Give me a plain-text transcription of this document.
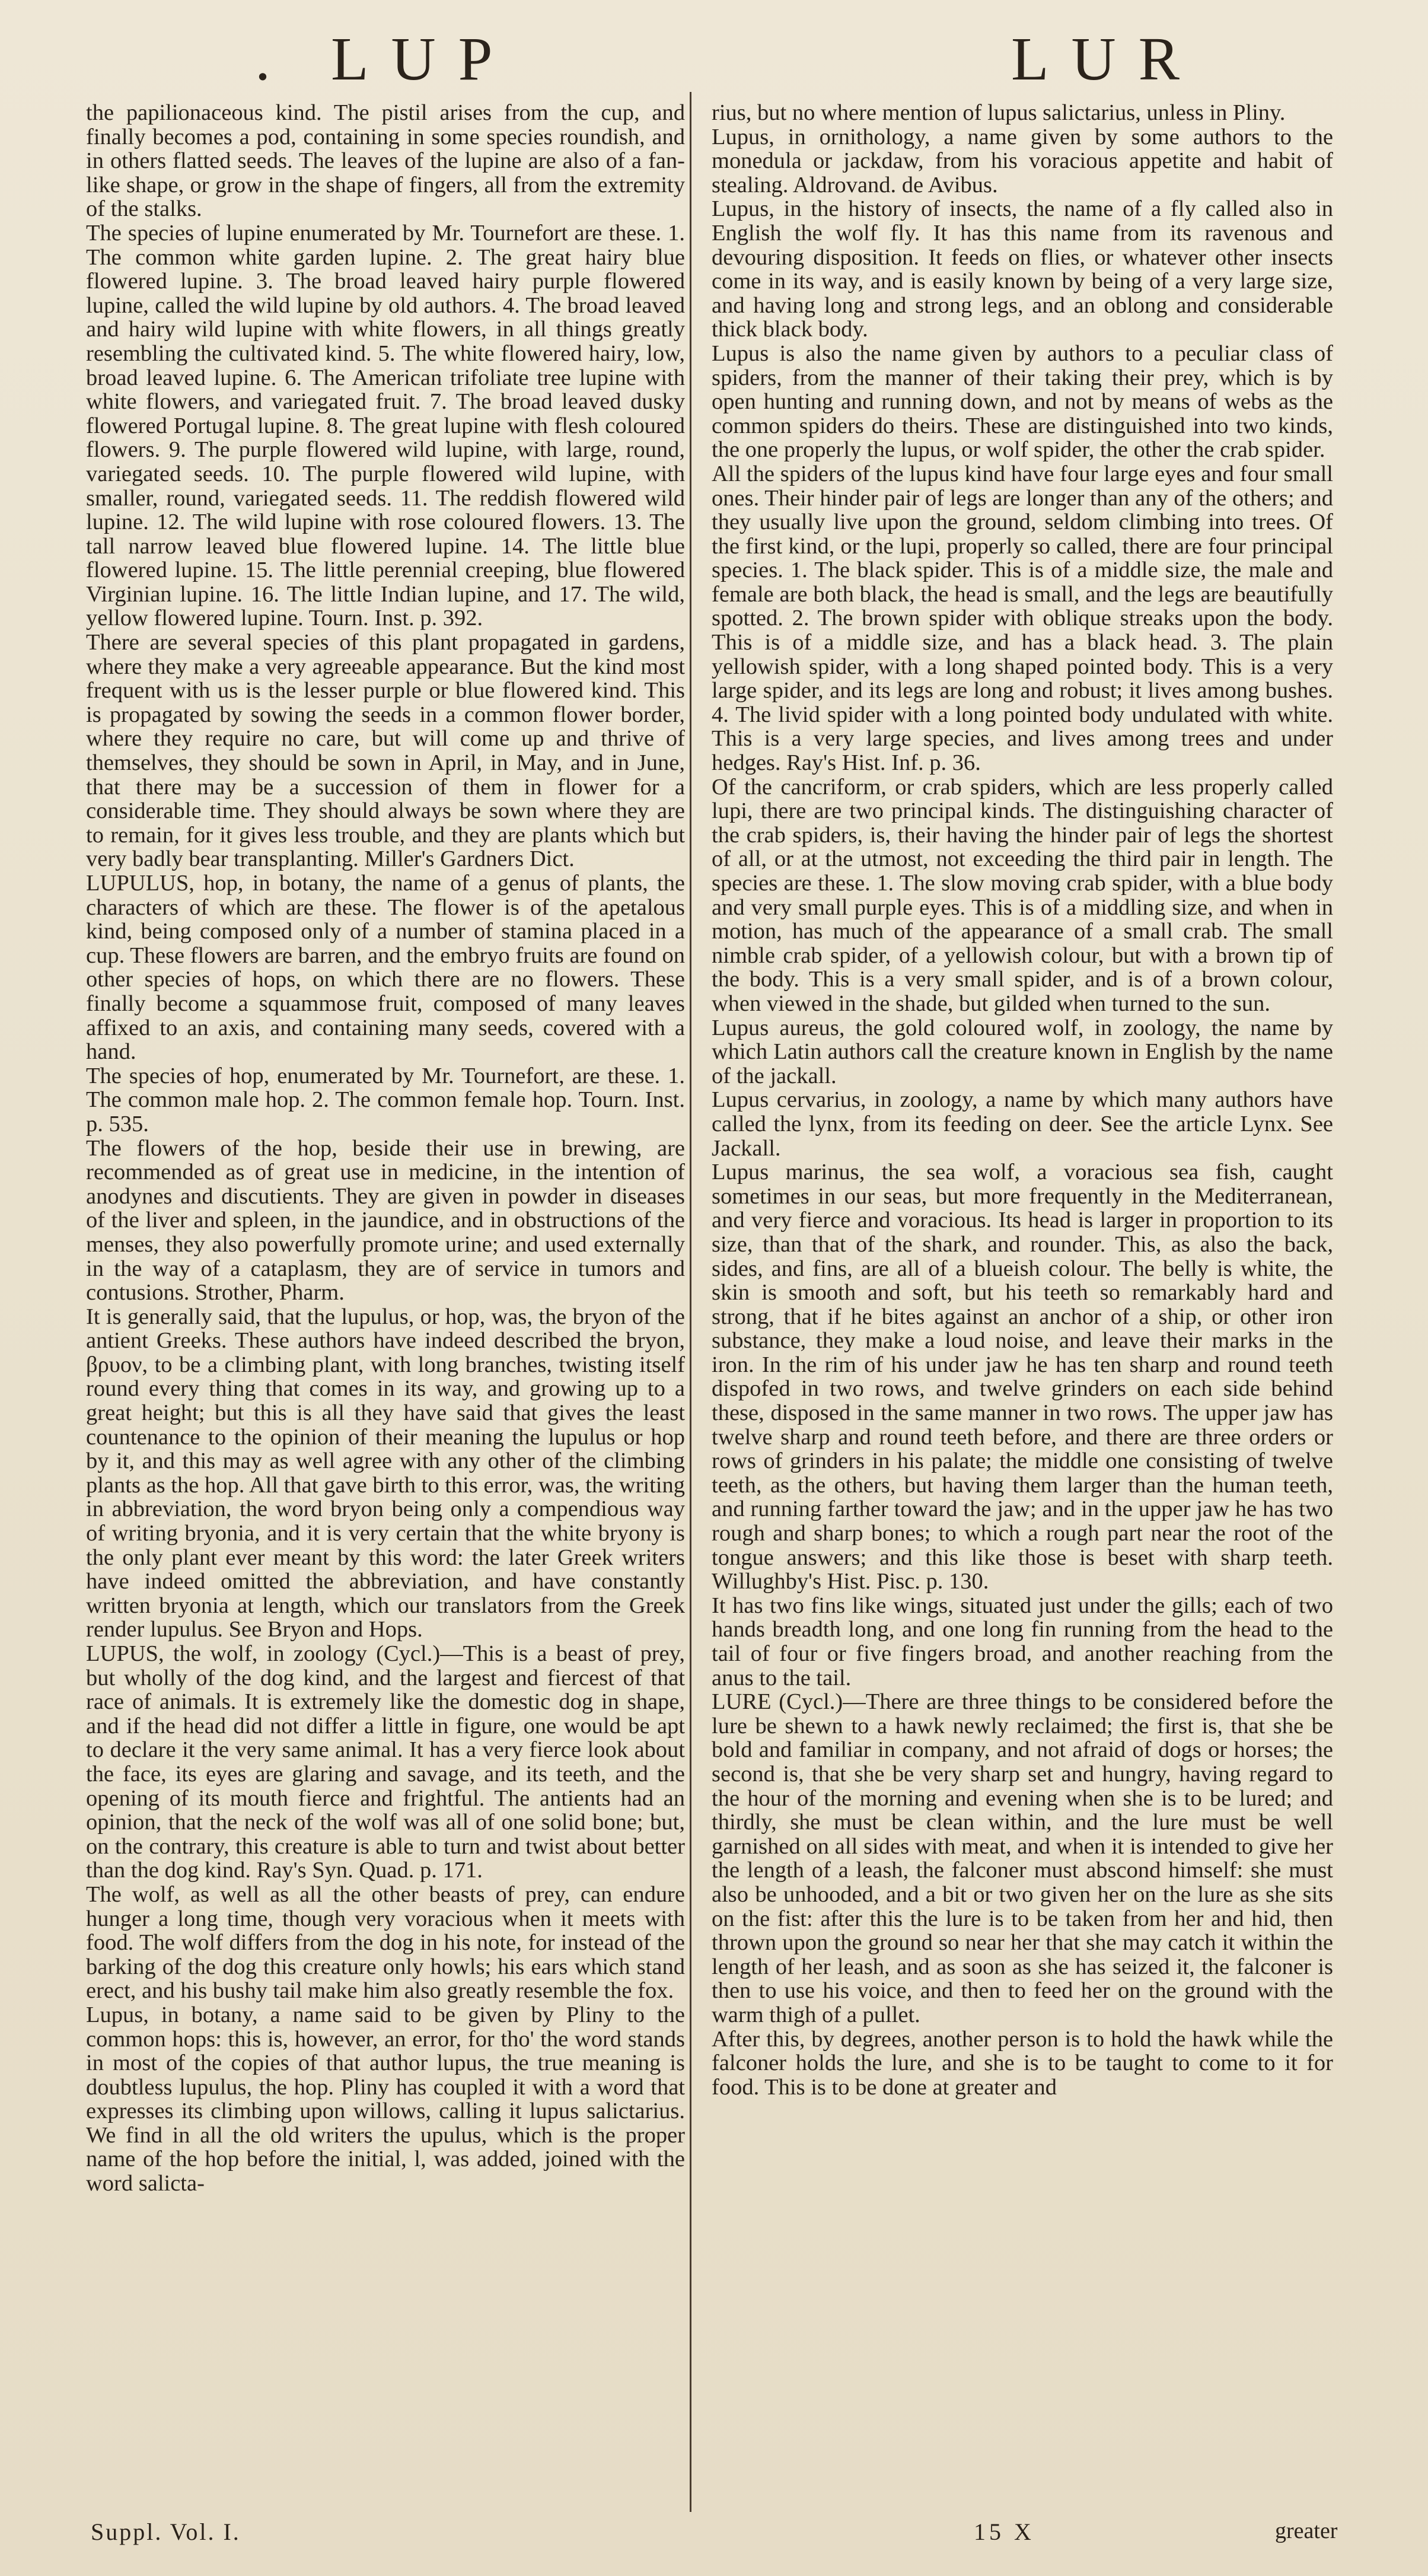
. LUP	LUR

the papilionaceous kind. The pistil arises from the cup, and finally becomes a pod, containing in some species roundish, and in others flatted seeds. The leaves of the lupine are also of a fan-like shape, or grow in the shape of fingers, all from the extremity of the stalks.

The species of lupine enumerated by Mr. Tournefort are these. 1. The common white garden lupine. 2. The great hairy blue flowered lupine. 3. The broad leaved hairy purple flowered lupine, called the wild lupine by old authors. 4. The broad leaved and hairy wild lupine with white flowers, in all things greatly resembling the cultivated kind. 5. The white flowered hairy, low, broad leaved lupine. 6. The American trifoliate tree lupine with white flowers, and variegated fruit. 7. The broad leaved dusky flowered Portugal lupine. 8. The great lupine with flesh coloured flowers. 9. The purple flowered wild lupine, with large, round, variegated seeds. 10. The purple flowered wild lupine, with smaller, round, variegated seeds. 11. The reddish flowered wild lupine. 12. The wild lupine with rose coloured flowers. 13. The tall narrow leaved blue flowered lupine. 14. The little blue flowered lupine. 15. The little perennial creeping, blue flowered Virginian lupine. 16. The little Indian lupine, and 17. The wild, yellow flowered lupine. Tourn. Inst. p. 392.

There are several species of this plant propagated in gardens, where they make a very agreeable appearance. But the kind most frequent with us is the lesser purple or blue flowered kind. This is propagated by sowing the seeds in a common flower border, where they require no care, but will come up and thrive of themselves, they should be sown in April, in May, and in June, that there may be a succession of them in flower for a considerable time. They should always be sown where they are to remain, for it gives less trouble, and they are plants which but very badly bear transplanting. Miller's Gardners Dict.

LUPULUS, hop, in botany, the name of a genus of plants, the characters of which are these. The flower is of the apetalous kind, being composed only of a number of stamina placed in a cup. These flowers are barren, and the embryo fruits are found on other species of hops, on which there are no flowers. These finally become a squammose fruit, composed of many leaves affixed to an axis, and containing many seeds, covered with a hand.

The species of hop, enumerated by Mr. Tournefort, are these. 1. The common male hop. 2. The common female hop. Tourn. Inst. p. 535.

The flowers of the hop, beside their use in brewing, are recommended as of great use in medicine, in the intention of anodynes and discutients. They are given in powder in diseases of the liver and spleen, in the jaundice, and in obstructions of the menses, they also powerfully promote urine; and used externally in the way of a cataplasm, they are of service in tumors and contusions. Strother, Pharm.

It is generally said, that the lupulus, or hop, was, the bryon of the antient Greeks. These authors have indeed described the bryon, βρυον, to be a climbing plant, with long branches, twisting itself round every thing that comes in its way, and growing up to a great height; but this is all they have said that gives the least countenance to the opinion of their meaning the lupulus or hop by it, and this may as well agree with any other of the climbing plants as the hop. All that gave birth to this error, was, the writing in abbreviation, the word bryon being only a compendious way of writing bryonia, and it is very certain that the white bryony is the only plant ever meant by this word: the later Greek writers have indeed omitted the abbreviation, and have constantly written bryonia at length, which our translators from the Greek render lupulus. See Bryon and Hops.

LUPUS, the wolf, in zoology (Cycl.)—This is a beast of prey, but wholly of the dog kind, and the largest and fiercest of that race of animals. It is extremely like the domestic dog in shape, and if the head did not differ a little in figure, one would be apt to declare it the very same animal. It has a very fierce look about the face, its eyes are glaring and savage, and its teeth, and the opening of its mouth fierce and frightful. The antients had an opinion, that the neck of the wolf was all of one solid bone; but, on the contrary, this creature is able to turn and twist about better than the dog kind. Ray's Syn. Quad. p. 171.

The wolf, as well as all the other beasts of prey, can endure hunger a long time, though very voracious when it meets with food. The wolf differs from the dog in his note, for instead of the barking of the dog this creature only howls; his ears which stand erect, and his bushy tail make him also greatly resemble the fox.

Lupus, in botany, a name said to be given by Pliny to the common hops: this is, however, an error, for tho' the word stands in most of the copies of that author lupus, the true meaning is doubtless lupulus, the hop. Pliny has coupled it with a word that expresses its climbing upon willows, calling it lupus salictarius. We find in all the old writers the upulus, which is the proper name of the hop before the initial, l, was added, joined with the word salicta-

rius, but no where mention of lupus salictarius, unless in Pliny.

Lupus, in ornithology, a name given by some authors to the monedula or jackdaw, from his voracious appetite and habit of stealing. Aldrovand. de Avibus.

Lupus, in the history of insects, the name of a fly called also in English the wolf fly. It has this name from its ravenous and devouring disposition. It feeds on flies, or whatever other insects come in its way, and is easily known by being of a very large size, and having long and strong legs, and an oblong and considerable thick black body.

Lupus is also the name given by authors to a peculiar class of spiders, from the manner of their taking their prey, which is by open hunting and running down, and not by means of webs as the common spiders do theirs. These are distinguished into two kinds, the one properly the lupus, or wolf spider, the other the crab spider.

All the spiders of the lupus kind have four large eyes and four small ones. Their hinder pair of legs are longer than any of the others; and they usually live upon the ground, seldom climbing into trees. Of the first kind, or the lupi, properly so called, there are four principal species. 1. The black spider. This is of a middle size, the male and female are both black, the head is small, and the legs are beautifully spotted. 2. The brown spider with oblique streaks upon the body. This is of a middle size, and has a black head. 3. The plain yellowish spider, with a long shaped pointed body. This is a very large spider, and its legs are long and robust; it lives among bushes. 4. The livid spider with a long pointed body undulated with white. This is a very large species, and lives among trees and under hedges. Ray's Hist. Inf. p. 36.

Of the cancriform, or crab spiders, which are less properly called lupi, there are two principal kinds. The distinguishing character of the crab spiders, is, their having the hinder pair of legs the shortest of all, or at the utmost, not exceeding the third pair in length. The species are these. 1. The slow moving crab spider, with a blue body and very small purple eyes. This is of a middling size, and when in motion, has much of the appearance of a small crab. The small nimble crab spider, of a yellowish colour, but with a brown tip of the body. This is a very small spider, and is of a brown colour, when viewed in the shade, but gilded when turned to the sun.

Lupus aureus, the gold coloured wolf, in zoology, the name by which Latin authors call the creature known in English by the name of the jackall.

Lupus cervarius, in zoology, a name by which many authors have called the lynx, from its feeding on deer. See the article Lynx. See Jackall.

Lupus marinus, the sea wolf, a voracious sea fish, caught sometimes in our seas, but more frequently in the Mediterranean, and very fierce and voracious. Its head is larger in proportion to its size, than that of the shark, and rounder. This, as also the back, sides, and fins, are all of a blueish colour. The belly is white, the skin is smooth and soft, but his teeth so remarkably hard and strong, that if he bites against an anchor of a ship, or other iron substance, they make a loud noise, and leave their marks in the iron. In the rim of his under jaw he has ten sharp and round teeth dispofed in two rows, and twelve grinders on each side behind these, disposed in the same manner in two rows. The upper jaw has twelve sharp and round teeth before, and there are three orders or rows of grinders in his palate; the middle one consisting of twelve teeth, as the others, but having them larger than the human teeth, and running farther toward the jaw; and in the upper jaw he has two rough and sharp bones; to which a rough part near the root of the tongue answers; and this like those is beset with sharp teeth. Willughby's Hist. Pisc. p. 130.

It has two fins like wings, situated just under the gills; each of two hands breadth long, and one long fin running from the head to the tail of four or five fingers broad, and another reaching from the anus to the tail.

LURE (Cycl.)—There are three things to be considered before the lure be shewn to a hawk newly reclaimed; the first is, that she be bold and familiar in company, and not afraid of dogs or horses; the second is, that she be very sharp set and hungry, having regard to the hour of the morning and evening when she is to be lured; and thirdly, she must be clean within, and the lure must be well garnished on all sides with meat, and when it is intended to give her the length of a leash, the falconer must abscond himself: she must also be unhooded, and a bit or two given her on the lure as she sits on the fist: after this the lure is to be taken from her and hid, then thrown upon the ground so near her that she may catch it within the length of her leash, and as soon as she has seized it, the falconer is then to use his voice, and then to feed her on the ground with the warm thigh of a pullet.

After this, by degrees, another person is to hold the hawk while the falconer holds the lure, and she is to be taught to come to it for food. This is to be done at greater and

Suppl. Vol. I.	15 X	greater
